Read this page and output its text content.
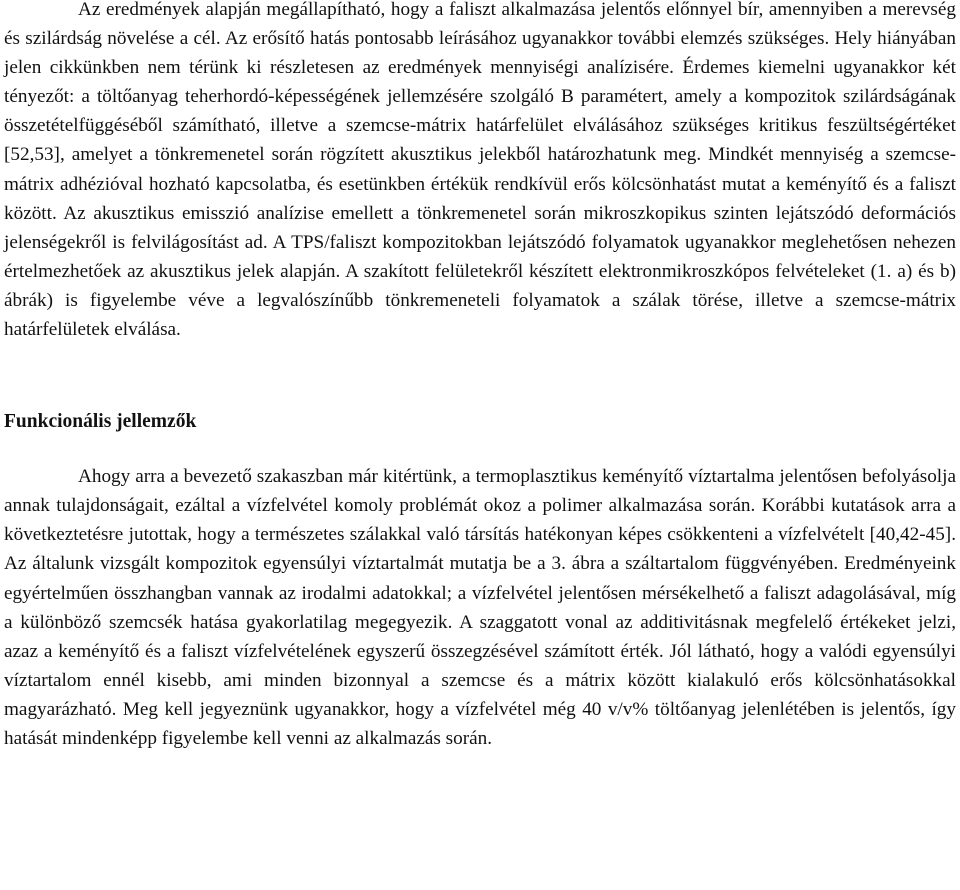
Az eredmények alapján megállapítható, hogy a faliszt alkalmazása jelentős előnnyel bír, amennyiben a merevség és szilárdság növelése a cél. Az erősítő hatás pontosabb leírásához ugyanakkor további elemzés szükséges. Hely hiányában jelen cikkünkben nem térünk ki részletesen az eredmények mennyiségi analízisére. Érdemes kiemelni ugyanakkor két tényezőt: a töltőanyag teherhordó-képességének jellemzésére szolgáló B paramétert, amely a kompozitok szilárdságának összetételfüggéséből számítható, illetve a szemcse-mátrix határfelület elválásához szükséges kritikus feszültségértéket [52,53], amelyet a tönkremenetel során rögzített akusztikus jelekből határozhatunk meg. Mindkét mennyiség a szemcse-mátrix adhézióval hozható kapcsolatba, és esetünkben értékük rendkívül erős kölcsönhatást mutat a keményítő és a faliszt között. Az akusztikus emisszió analízise emellett a tönkremenetel során mikroszkopikus szinten lejátszódó deformációs jelenségekről is felvilágosítást ad. A TPS/faliszt kompozitokban lejátszódó folyamatok ugyanakkor meglehetősen nehezen értelmezhetőek az akusztikus jelek alapján. A szakított felületekről készített elektronmikroszkópos felvételeket (1. a) és b) ábrák) is figyelembe véve a legvalószínűbb tönkremeneteli folyamatok a szálak törése, illetve a szemcse-mátrix határfelületek elválása.

Funkcionális jellemzők

Ahogy arra a bevezető szakaszban már kitértünk, a termoplasztikus keményítő víztartalma jelentősen befolyásolja annak tulajdonságait, ezáltal a vízfelvétel komoly problémát okoz a polimer alkalmazása során. Korábbi kutatások arra a következtetésre jutottak, hogy a természetes szálakkal való társítás hatékonyan képes csökkenteni a vízfelvételt [40,42-45]. Az általunk vizsgált kompozitok egyensúlyi víztartalmát mutatja be a 3. ábra a száltartalom függvényében. Eredményeink egyértelműen összhangban vannak az irodalmi adatokkal; a vízfelvétel jelentősen mérsékelhető a faliszt adagolásával, míg a különböző szemcsék hatása gyakorlatilag megegyezik. A szaggatott vonal az additivitásnak megfelelő értékeket jelzi, azaz a keményítő és a faliszt vízfelvételének egyszerű összegzésével számított érték. Jól látható, hogy a valódi egyensúlyi víztartalom ennél kisebb, ami minden bizonnyal a szemcse és a mátrix között kialakuló erős kölcsönhatásokkal magyarázható. Meg kell jegyeznünk ugyanakkor, hogy a vízfelvétel még 40 v/v% töltőanyag jelenlétében is jelentős, így hatását mindenképp figyelembe kell venni az alkalmazás során.
